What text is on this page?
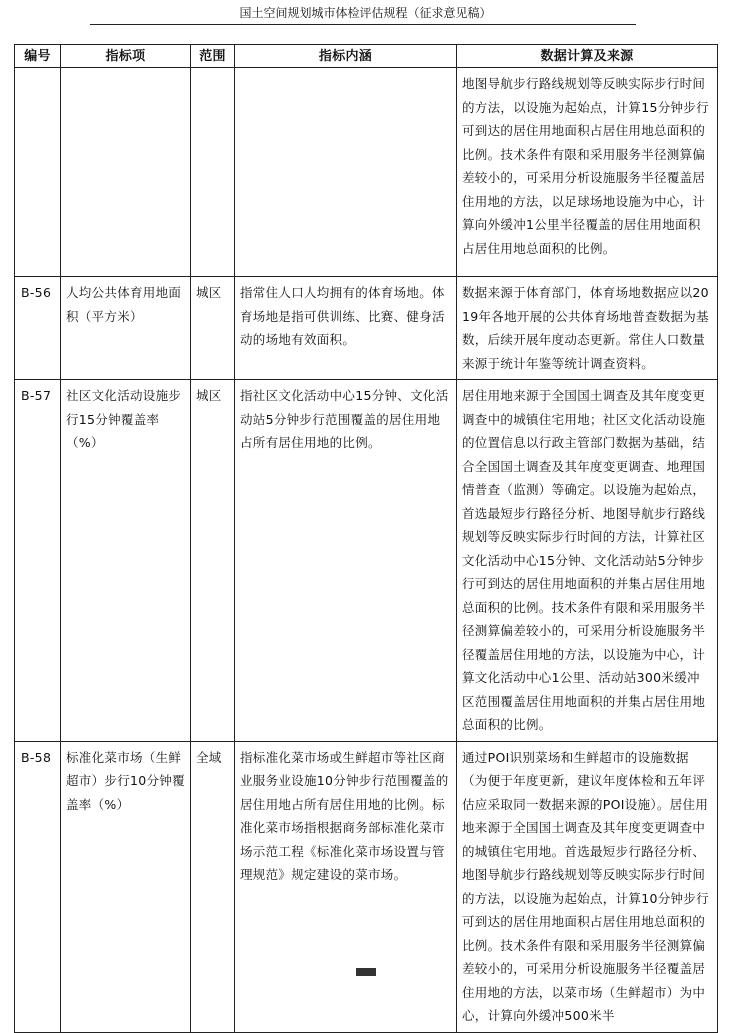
国土空间规划城市体检评估规程（征求意见稿）
编号	指标项	范围	指标内涵	数据计算及来源
				地图导航步行路线规划等反映实际步行时间的方法，以设施为起始点，计算15分钟步行可到达的居住用地面积占居住用地总面积的比例。技术条件有限和采用服务半径测算偏差较小的，可采用分析设施服务半径覆盖居住用地的方法，以足球场地设施为中心，计算向外缓冲1公里半径覆盖的居住用地面积占居住用地总面积的比例。
B-56	人均公共体育用地面积（平方米）	城区	指常住人口人均拥有的体育场地。体育场地是指可供训练、比赛、健身活动的场地有效面积。	数据来源于体育部门，体育场地数据应以2019年各地开展的公共体育场地普查数据为基数，后续开展年度动态更新。常住人口数量来源于统计年鉴等统计调查资料。
B-57	社区文化活动设施步行15分钟覆盖率（%）	城区	指社区文化活动中心15分钟、文化活动站5分钟步行范围覆盖的居住用地占所有居住用地的比例。	居住用地来源于全国国土调查及其年度变更调查中的城镇住宅用地；社区文化活动设施的位置信息以行政主管部门数据为基础，结合全国国土调查及其年度变更调查、地理国情普查（监测）等确定。以设施为起始点，首选最短步行路径分析、地图导航步行路线规划等反映实际步行时间的方法，计算社区文化活动中心15分钟、文化活动站5分钟步行可到达的居住用地面积的并集占居住用地总面积的比例。技术条件有限和采用服务半径测算偏差较小的，可采用分析设施服务半径覆盖居住用地的方法，以设施为中心，计算文化活动中心1公里、活动站300米缓冲区范围覆盖居住用地面积的并集占居住用地总面积的比例。
B-58	标准化菜市场（生鲜超市）步行10分钟覆盖率（%）	全域	指标准化菜市场或生鲜超市等社区商业服务业设施10分钟步行范围覆盖的居住用地占所有居住用地的比例。标准化菜市场指根据商务部标准化菜市场示范工程《标准化菜市场设置与管理规范》规定建设的菜市场。	通过POI识别菜场和生鲜超市的设施数据（为便于年度更新，建议年度体检和五年评估应采取同一数据来源的POI设施）。居住用地来源于全国国土调查及其年度变更调查中的城镇住宅用地。首选最短步行路径分析、地图导航步行路线规划等反映实际步行时间的方法，以设施为起始点，计算10分钟步行可到达的居住用地面积占居住用地总面积的比例。技术条件有限和采用服务半径测算偏差较小的，可采用分析设施服务半径覆盖居住用地的方法，以菜市场（生鲜超市）为中心，计算向外缓冲500米半
